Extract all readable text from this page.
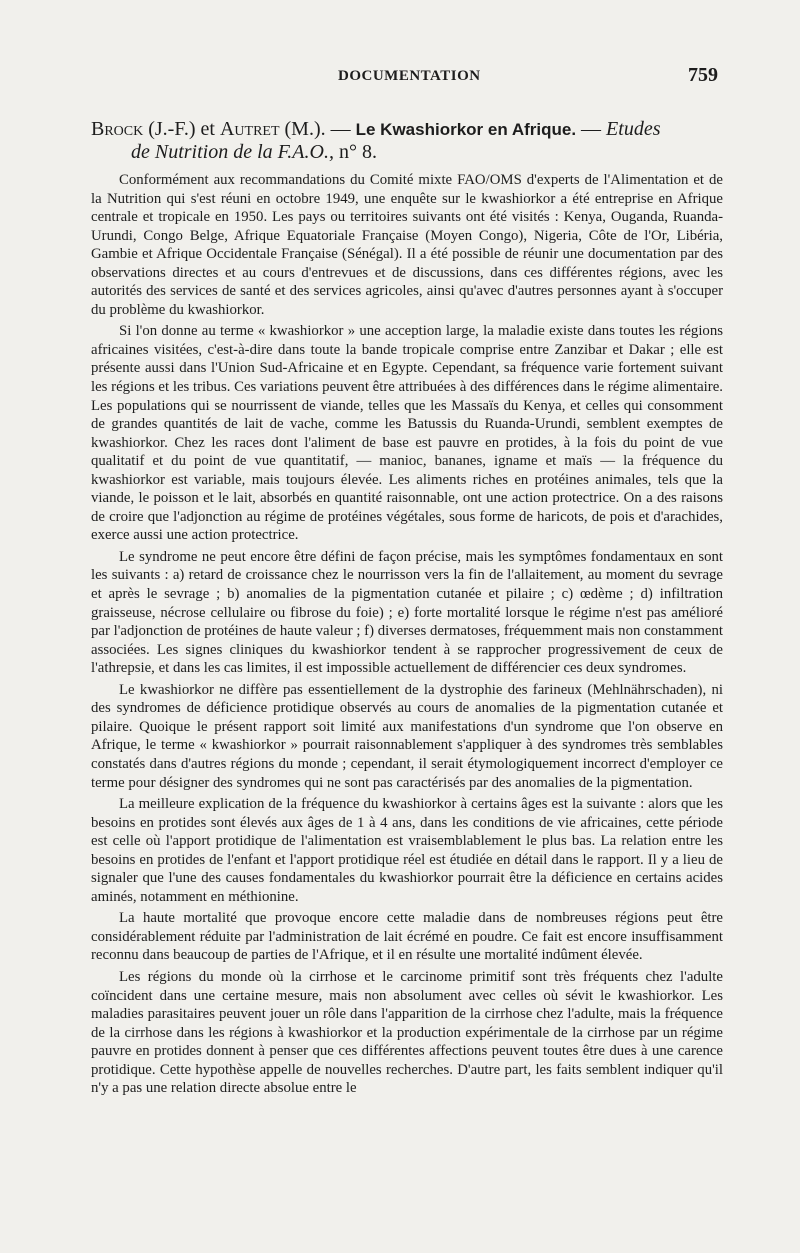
DOCUMENTATION	759
Brock (J.-F.) et Autret (M.). — Le Kwashiorkor en Afrique. — Etudes
de Nutrition de la F.A.O., n° 8.

Conformément aux recommandations du Comité mixte FAO/OMS d'experts de l'Alimentation et de la Nutrition qui s'est réuni en octobre 1949, une enquête sur le kwashiorkor a été entreprise en Afrique centrale et tropicale en 1950. Les pays ou territoires suivants ont été visités : Kenya, Ouganda, Ruanda-Urundi, Congo Belge, Afrique Equatoriale Française (Moyen Congo), Nigeria, Côte de l'Or, Libéria, Gambie et Afrique Occidentale Française (Sénégal). Il a été possible de réunir une documentation par des observations directes et au cours d'entrevues et de discussions, dans ces différentes régions, avec les autorités des services de santé et des services agricoles, ainsi qu'avec d'autres personnes ayant à s'occuper du problème du kwashiorkor.

Si l'on donne au terme « kwashiorkor » une acception large, la maladie existe dans toutes les régions africaines visitées, c'est-à-dire dans toute la bande tropicale comprise entre Zanzibar et Dakar ; elle est présente aussi dans l'Union Sud-Africaine et en Egypte. Cependant, sa fréquence varie fortement suivant les régions et les tribus. Ces variations peuvent être attribuées à des différences dans le régime alimentaire. Les populations qui se nourrissent de viande, telles que les Massaïs du Kenya, et celles qui consomment de grandes quantités de lait de vache, comme les Batussis du Ruanda-Urundi, semblent exemptes de kwashiorkor. Chez les races dont l'aliment de base est pauvre en protides, à la fois du point de vue qualitatif et du point de vue quantitatif, — manioc, bananes, igname et maïs — la fréquence du kwashiorkor est variable, mais toujours élevée. Les aliments riches en protéines animales, tels que la viande, le poisson et le lait, absorbés en quantité raisonnable, ont une action protectrice. On a des raisons de croire que l'adjonction au régime de protéines végétales, sous forme de haricots, de pois et d'arachides, exerce aussi une action protectrice.

Le syndrome ne peut encore être défini de façon précise, mais les symptômes fondamentaux en sont les suivants : a) retard de croissance chez le nourrisson vers la fin de l'allaitement, au moment du sevrage et après le sevrage ; b) anomalies de la pigmentation cutanée et pilaire ; c) œdème ; d) infiltration graisseuse, nécrose cellulaire ou fibrose du foie) ; e) forte mortalité lorsque le régime n'est pas amélioré par l'adjonction de protéines de haute valeur ; f) diverses dermatoses, fréquemment mais non constamment associées. Les signes cliniques du kwashiorkor tendent à se rapprocher progressivement de ceux de l'athrepsie, et dans les cas limites, il est impossible actuellement de différencier ces deux syndromes.

Le kwashiorkor ne diffère pas essentiellement de la dystrophie des farineux (Mehlnährschaden), ni des syndromes de déficience protidique observés au cours de anomalies de la pigmentation cutanée et pilaire. Quoique le présent rapport soit limité aux manifestations d'un syndrome que l'on observe en Afrique, le terme « kwashiorkor » pourrait raisonnablement s'appliquer à des syndromes très semblables constatés dans d'autres régions du monde ; cependant, il serait étymologiquement incorrect d'employer ce terme pour désigner des syndromes qui ne sont pas caractérisés par des anomalies de la pigmentation.

La meilleure explication de la fréquence du kwashiorkor à certains âges est la suivante : alors que les besoins en protides sont élevés aux âges de 1 à 4 ans, dans les conditions de vie africaines, cette période est celle où l'apport protidique de l'alimentation est vraisemblablement le plus bas. La relation entre les besoins en protides de l'enfant et l'apport protidique réel est étudiée en détail dans le rapport. Il y a lieu de signaler que l'une des causes fondamentales du kwashiorkor pourrait être la déficience en certains acides aminés, notamment en méthionine.

La haute mortalité que provoque encore cette maladie dans de nombreuses régions peut être considérablement réduite par l'administration de lait écrémé en poudre. Ce fait est encore insuffisamment reconnu dans beaucoup de parties de l'Afrique, et il en résulte une mortalité indûment élevée.

Les régions du monde où la cirrhose et le carcinome primitif sont très fréquents chez l'adulte coïncident dans une certaine mesure, mais non absolument avec celles où sévit le kwashiorkor. Les maladies parasitaires peuvent jouer un rôle dans l'apparition de la cirrhose chez l'adulte, mais la fréquence de la cirrhose dans les régions à kwashiorkor et la production expérimentale de la cirrhose par un régime pauvre en protides donnent à penser que ces différentes affections peuvent toutes être dues à une carence protidique. Cette hypothèse appelle de nouvelles recherches. D'autre part, les faits semblent indiquer qu'il n'y a pas une relation directe absolue entre le
